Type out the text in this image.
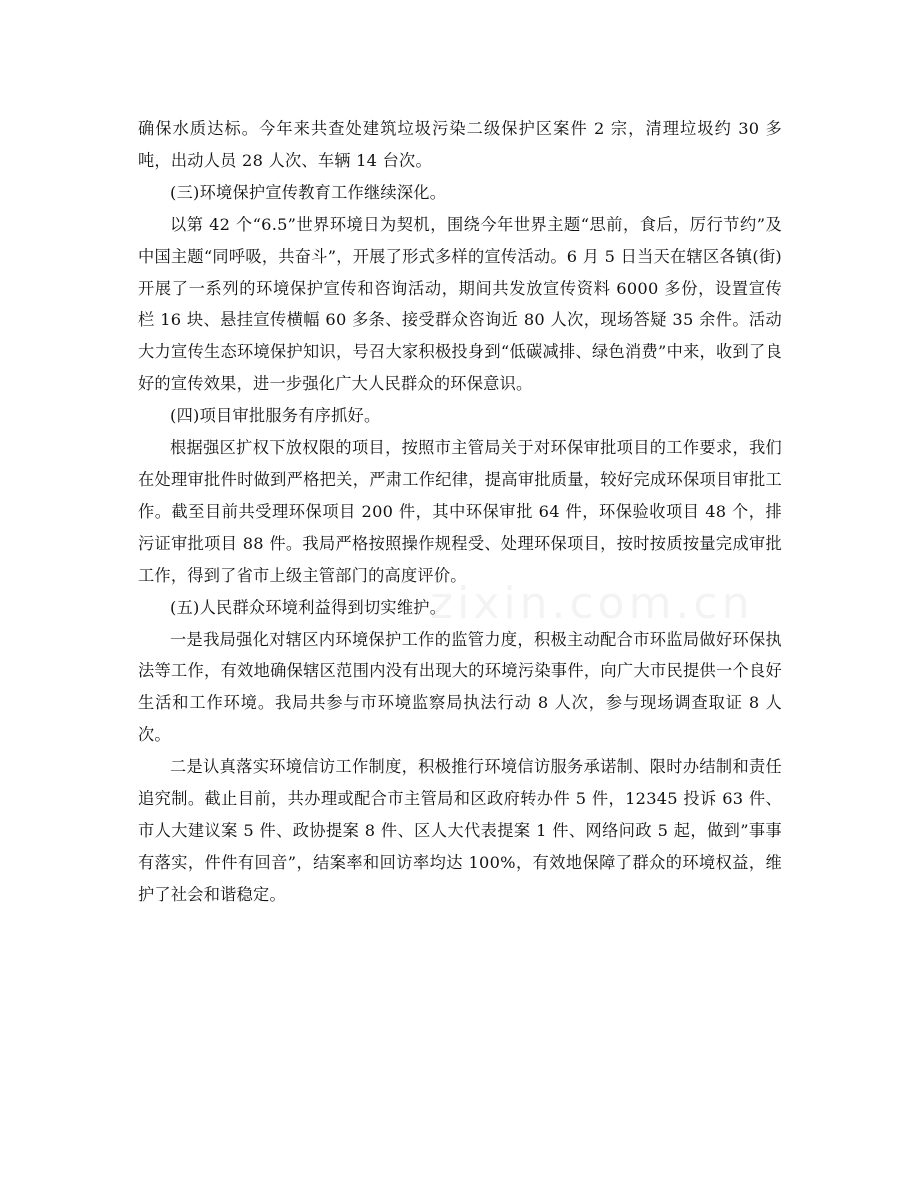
确保水质达标。今年来共查处建筑垃圾污染二级保护区案件 2 宗，清理垃圾约 30 多吨，出动人员 28 人次、车辆 14 台次。

(三)环境保护宣传教育工作继续深化。

以第 42 个“6.5”世界环境日为契机，围绕今年世界主题“思前，食后，厉行节约”及中国主题“同呼吸，共奋斗”，开展了形式多样的宣传活动。6 月 5 日当天在辖区各镇(街)开展了一系列的环境保护宣传和咨询活动，期间共发放宣传资料 6000 多份，设置宣传栏 16 块、悬挂宣传横幅 60 多条、接受群众咨询近 80 人次，现场答疑 35 余件。活动大力宣传生态环境保护知识，号召大家积极投身到“低碳减排、绿色消费”中来，收到了良好的宣传效果，进一步强化广大人民群众的环保意识。

(四)项目审批服务有序抓好。

根据强区扩权下放权限的项目，按照市主管局关于对环保审批项目的工作要求，我们在处理审批件时做到严格把关，严肃工作纪律，提高审批质量，较好完成环保项目审批工作。截至目前共受理环保项目 200 件，其中环保审批 64 件，环保验收项目 48 个，排污证审批项目 88 件。我局严格按照操作规程受、处理环保项目，按时按质按量完成审批工作，得到了省市上级主管部门的高度评价。

(五)人民群众环境利益得到切实维护。

一是我局强化对辖区内环境保护工作的监管力度，积极主动配合市环监局做好环保执法等工作，有效地确保辖区范围内没有出现大的环境污染事件，向广大市民提供一个良好生活和工作环境。我局共参与市环境监察局执法行动 8 人次，参与现场调查取证 8 人次。

二是认真落实环境信访工作制度，积极推行环境信访服务承诺制、限时办结制和责任追究制。截止目前，共办理或配合市主管局和区政府转办件 5 件，12345 投诉 63 件、市人大建议案 5 件、政协提案 8 件、区人大代表提案 1 件、网络问政 5 起，做到”事事有落实，件件有回音”，结案率和回访率均达 100%，有效地保障了群众的环境权益，维护了社会和谐稳定。
